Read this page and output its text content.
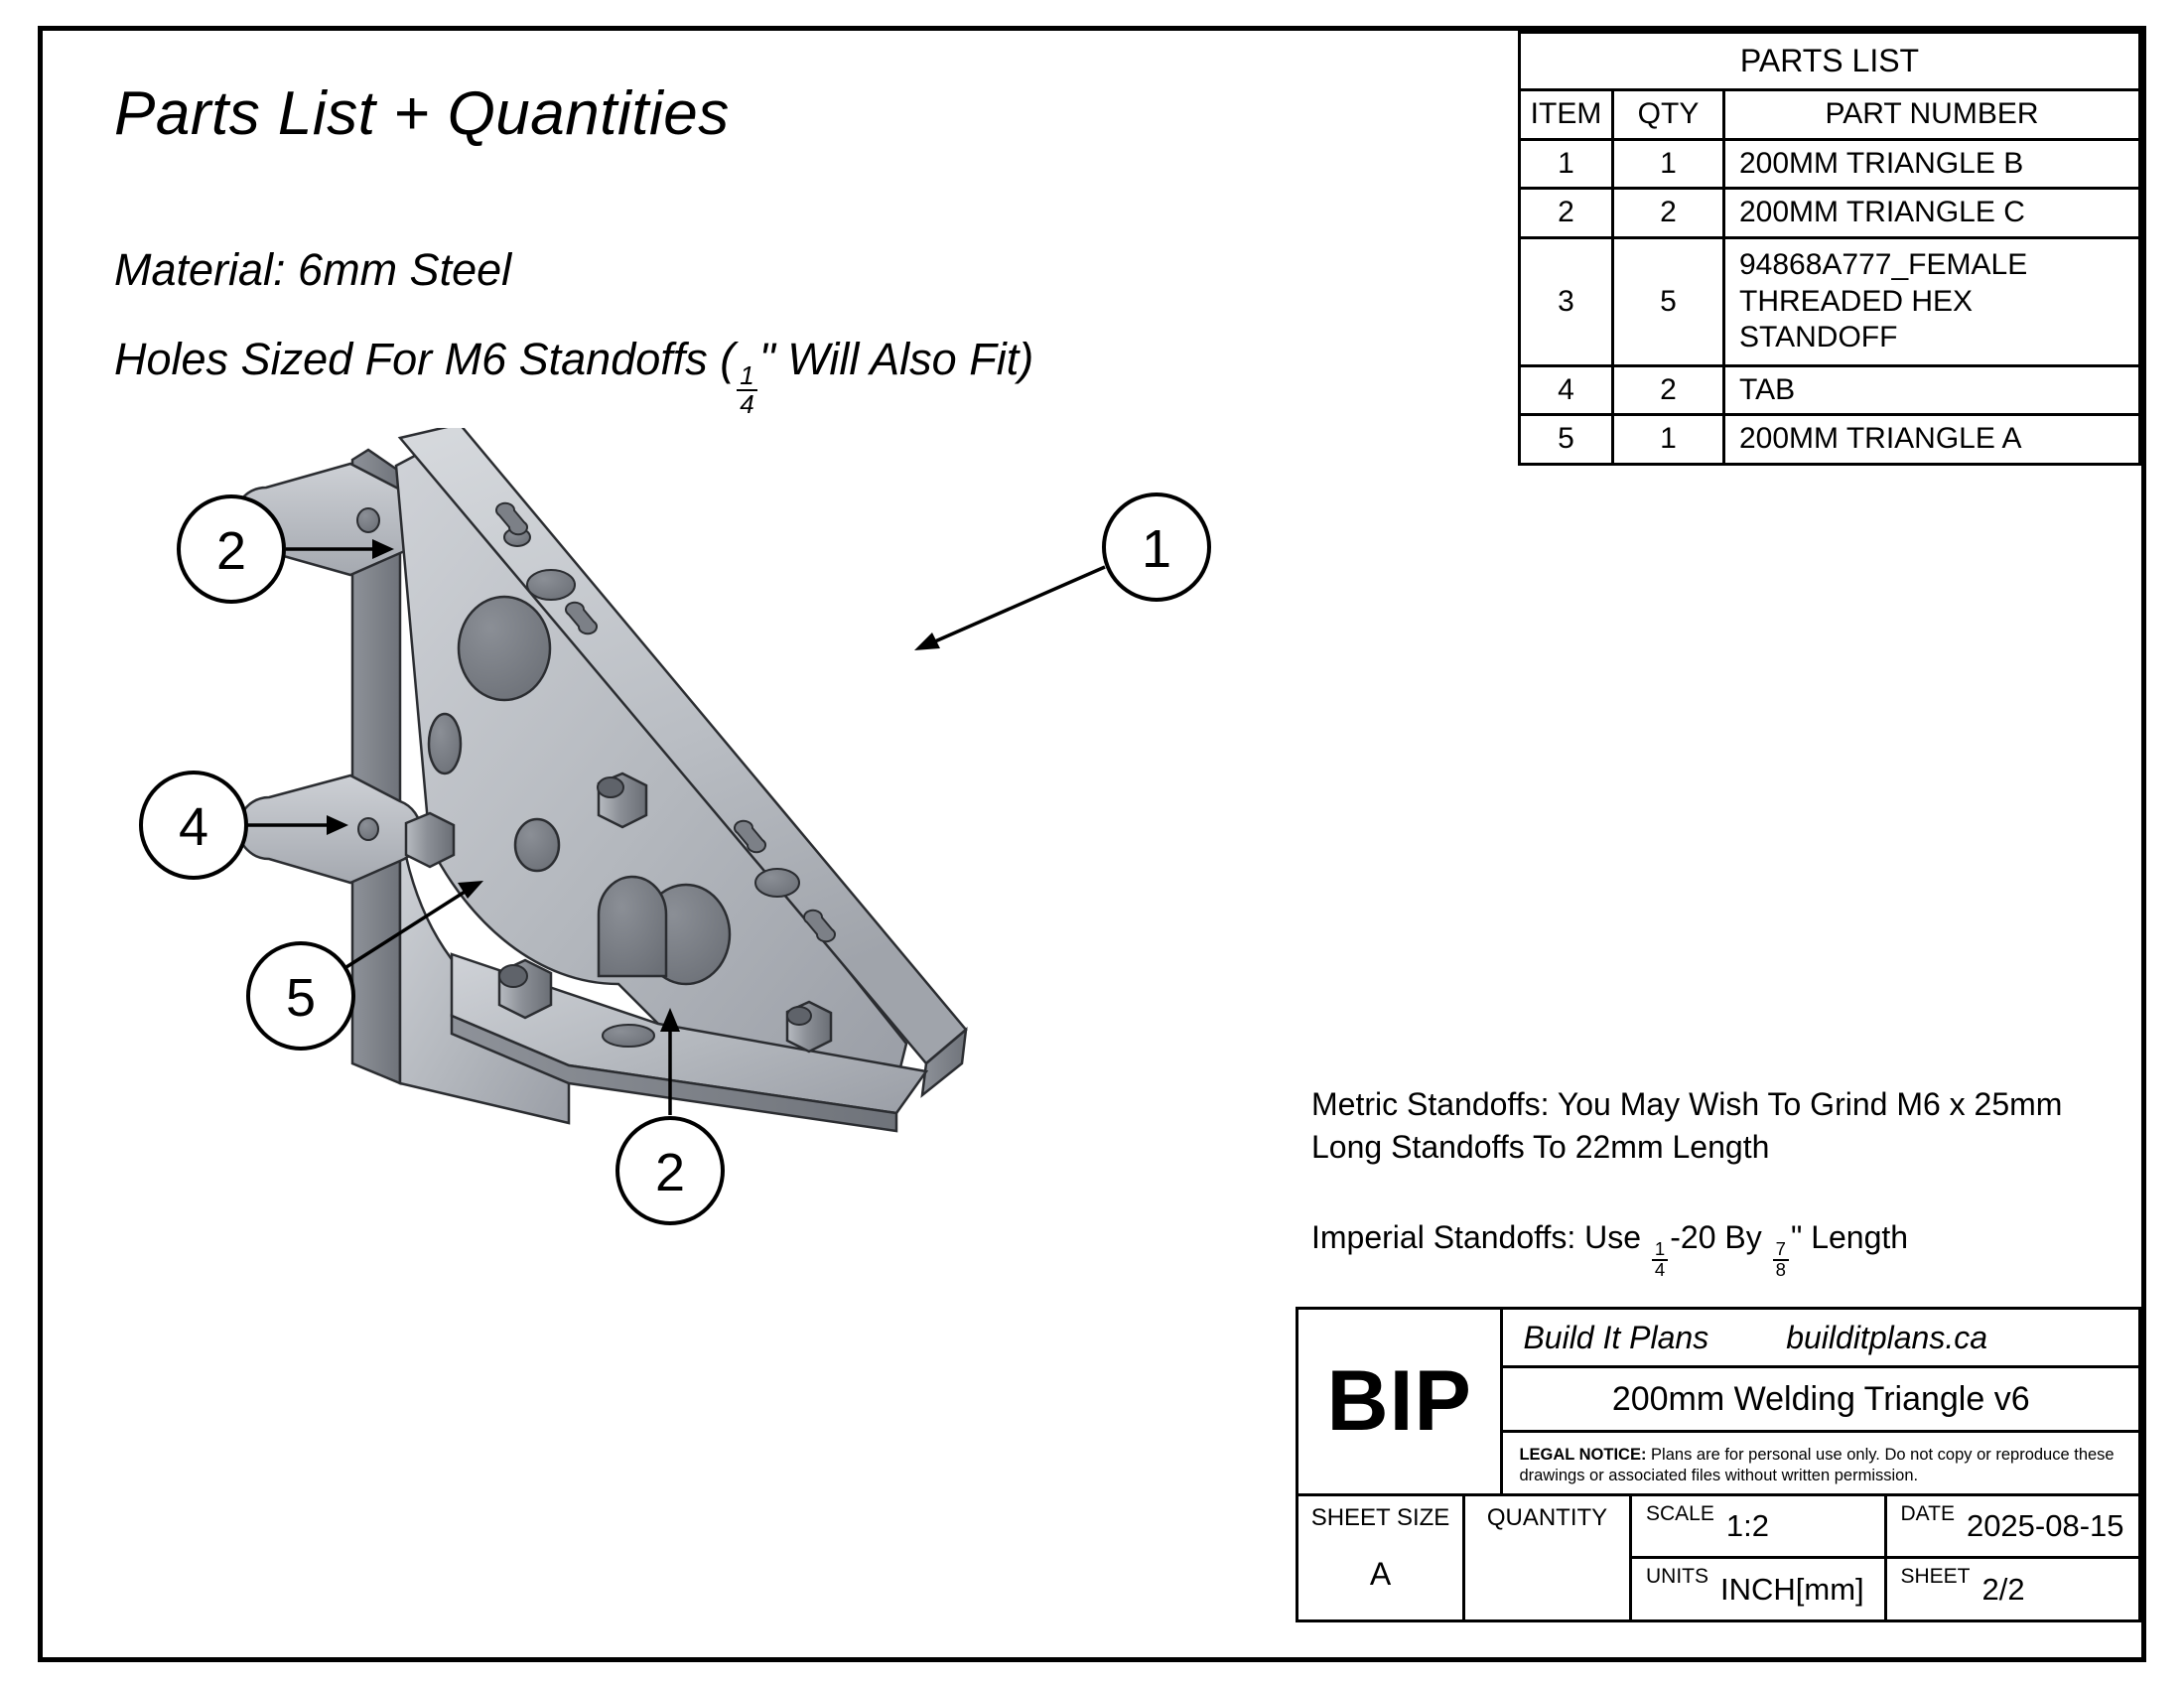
Parts List + Quantities
Material: 6mm Steel
Holes Sized For M6 Standoffs (
$\frac{1}{4}$
" Will Also Fit)
PARTS LIST		
ITEM	QTY	PART NUMBER
1	1	200MM TRIANGLE B
2	2	200MM TRIANGLE C
3	5	94868A777_FEMALE THREADED HEX STANDOFF
4	2	TAB
5	1	200MM TRIANGLE A

Metric Standoffs: You May Wish To Grind M6 x 25mm

Long Standoffs To 22mm Length

Imperial Standoffs: Use
$\frac{1}{4}$
-20 By
$\frac{7}{8}$
" Length

BIP
Build It Plans builditplans.ca
200mm Welding Triangle v6
LEGAL NOTICE: Plans are for personal use only. Do not copy or reproduce these drawings or associated files without written permission.
SHEET SIZE
A
QUANTITY	SCALE 1:2	DATE 2025-08-15
UNITS INCH[mm] SHEET 2/2
2	1
4
5
2
